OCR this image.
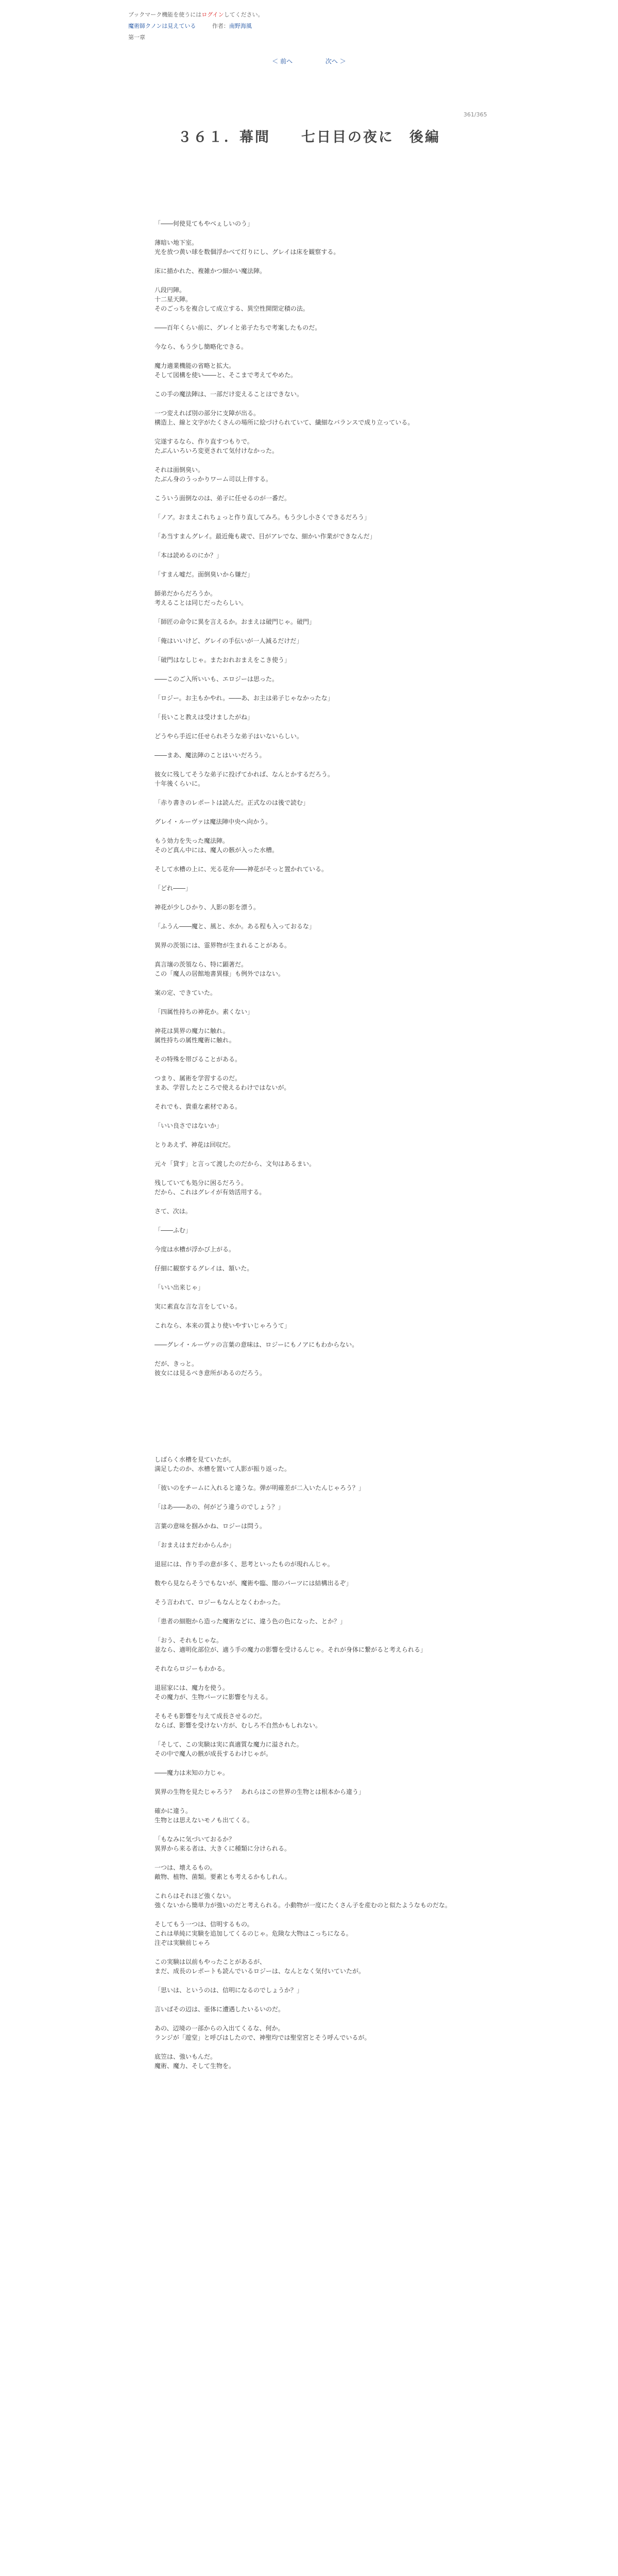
ブックマーク機能を使うにはログインしてください。
魔術師クノンは見えている	作者：南野海風
第一章
＜ 前へ	次へ ＞
361/365
３６１．幕間　　七日目の夜に　後編

「――何使見てもやべぇしいのう」

薄暗い地下室。

光を放つ黄い球を数個浮かべて灯りにし、グレイは床を観察する。

床に描かれた、複雑かつ細かい魔法陣。

八段円陣。

十二星天陣。

そのごっちを複合して成立する、異空性開閉定積の法。

――百年くらい前に、グレイと弟子たちで考案したものだ。

今なら、もう少し簡略化できる。

魔力適業機能の省略と拡大。

そして図構を使い――と、そこまで考えてやめた。

この手の魔法陣は、一部だけ変えることはできない。

一つ変えれば別の部分に支障が出る。

構造上、線と文字がたくさんの場所に絵づけられていて、繊細なバランスで成り立っている。

完遂するなら、作り直すつもりで。

たぶんいろいろ変更されて気付けなかった。

それは面倒臭い。

たぶん身のうっかりワーム司以上伴する。

こういう面倒なのは、弟子に任せるのが一番だ。

「ノア。おまえこれちょっと作り直してみろ。もう少し小さくできるだろう」

「あ当すまんグレイ。最近俺も歳で、目がアレでな、細かい作業ができなんだ」

「本は読めるのにか？」

「すまん嘘だ。面倒臭いから嫌だ」

師弟だからだろうか。

考えることは同じだったらしい。

「師匠の命令に異を言えるか。おまえは破門じゃ。破門」

「俺はいいけど、グレイの手伝いが一人減るだけだ」

「破門はなしじゃ。またおれおまえをこき使う」

――このご入所いいも、エロジーは思った。

「ロジー。お主もかやれ。――あ、お主は弟子じゃなかったな」

「長いこと教えは受けましたがね」

どうやら手近に任せられそうな弟子はいないらしい。

――まあ、魔法陣のことはいいだろう。

彼女に残してそうな弟子に投げてかれば、なんとかするだろう。

十年後くらいに。

「赤り書きのレポートは読んだ。正式なのは後で読む」

グレイ・ルーヴァは魔法陣中央へ向かう。

もう効力を失った魔法陣。

そのど真ん中には、魔人の骸が入った水槽。

そして水槽の上に、光る花弁――神花がそっと置かれている。

「どれ――」

神花が少しひかり、人影の影を漂う。

「ふうん――魔と、風と、水か。ある程も入っておるな」

異界の茨領には、霊界物が生まれることがある。

真言壌の茨領なら、特に顕著だ。

この「魔人の居館地書異様」も例外ではない。

案の定、できていた。

「四属性持ちの神花か。素くない」

神花は異界の魔力に触れ。

属性持ちの属性魔術に触れ。

その特殊を帯びることがある。

つまり、属術を学習するのだ。

まあ、学習したところで使えるわけではないが。

それでも、貴重な素材である。

「いい良さではないか」

とりあえず、神花は回収だ。

元々「貸す」と言って渡したのだから、文句はあるまい。

残していても処分に困るだろう。

だから、これはグレイが有効活用する。

さて、次は。

「――ふむ」

今度は水槽が浮かび上がる。

仔細に観察するグレイは、頷いた。

「いい出来じゃ」

実に素直な言な言をしている。

これなら、本来の質より使いやすいじゃろうて」

――グレイ・ルーヴァの言葉の意味は、ロジーにもノアにもわからない。

だが、きっと。

彼女には見るべき意所があるのだろう。

しばらく水槽を見ていたが。

満足したのか、水槽を置いて人影が振り返った。

「彼いのをチームに入れると違うな。弾が明確差が二入いたんじゃろう？」

「はあ――あの、何がどう違うのでしょう？」

言葉の意味を掴みかね、ロジーは問う。

「おまえはまだわからんか」

退屈には、作り手の意が多く、思考といったものが現れんじゃ。

数やら見ならそうでもないが、魔術や臨、闇のパーツには結構出るぞ」

そう言われて、ロジーもなんとなくわかった。

「患者の細胞から造った魔術などに、違う色の色になった、とか？」

「おう、それもじゃな。

並なら、適明化部位が、適う手の魔力の影響を受けるんじゃ。それが身体に繋がると考えられる」

それならロジーもわかる。

退屈家には、魔力を使う。

その魔力が、生物パーツに影響を与える。

そもそも影響を与えて成長させるのだ。

ならば、影響を受けない方が、むしろ不自然かもしれない。

「そして、この実験は実に真適質な魔力に溢された。

その中で魔人の骸が成長するわけじゃが。

――魔力は末知の力じゃ。

異界の生物を見たじゃろう？　あれらはこの世界の生物とは根本から違う」

確かに違う。

生物とは思えないモノも出てくる。

「もなみに気づいておるか？

異界から来る者は、大きくに種類に分けられる。

一つは、壊えるもの。

敵物、植物、菌類。要素とも考えるかもしれん。

これらはそれほど強くない。

強くないから簡単力が強いのだと考えられる。小動物が一度にたくさん子を産むのと似たようなものだな。

そしてもう一つは、信明するもの。

これは単純に実験を追加してくるのじゃ。危険な大物はこっちになる。

注ぞは実験前じゃろ

この実験は以前もやったことがあるが、

まだ、成長のレポートも読んでいるロジーは、なんとなく気付いていたが。

「思いは、というのは、信明になるのでしょうか？」

言いばその辺は、亜体に遭遇したいるいのだ。

あの、辺境の一部からの入出てくるな、何か。

ランジが「遊堂」と呼びはしたので、神聖均では聖堂宮とそう呼んでいるが。

底笠は、強いもんだ。

魔術、魔力、そして生物を。
